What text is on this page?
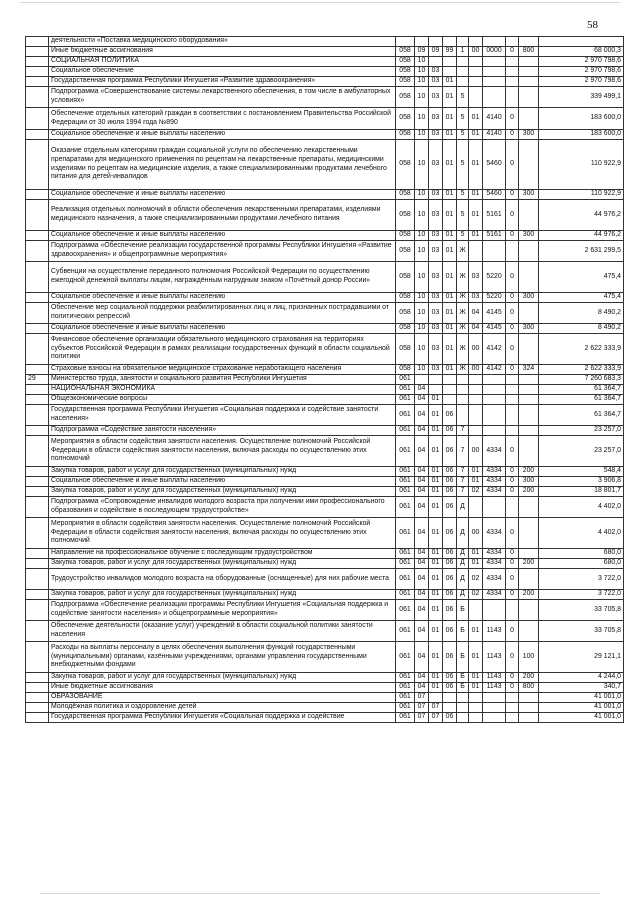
58
	деятельности «Поставка медицинского оборудования»										
	Иные бюджетные ассигнования	058	09	09	99	1	00	0000	0	800	68 000,3
	СОЦИАЛЬНАЯ ПОЛИТИКА	058	10								2 970 798,6
	Социальное обеспечение	058	10	03							2 970 798,6
	Государственная программа Республики Ингушетия «Развитие здравоохранения»	058	10	03	01						2 970 798,6
	Подпрограмма «Совершенствование системы лекарственного обеспечения, в том числе в амбулаторных условиях»	058	10	03	01	5					339 499,1
	Обеспечение отдельных категорий граждан в соответствии с постановлением Правительства Российской Федерации от 30 июля 1994 года №890	058	10	03	01	5	01	4140	0		183 600,0
	Социальное обеспечение и иные выплаты населению	058	10	03	01	5	01	4140	0	300	183 600,0
	Оказание отдельным категориям граждан социальной услуги по обеспечению лекарственными препаратами для медицинского применения по рецептам на лекарственные препараты, медицинскими изделиями по рецептам на медицинские изделия, а также специализированными продуктами лечебного питания для детей-инвалидов	058	10	03	01	5	01	5460	0		110 922,9
	Социальное обеспечение и иные выплаты населению	058	10	03	01	5	01	5460	0	300	110 922,9
	Реализация отдельных полномочий в области обеспечения лекарственными препаратами, изделиями медицинского назначения, а также специализированными продуктами лечебного питания	058	10	03	01	5	01	5161	0		44 976,2
	Социальное обеспечение и иные выплаты населению	058	10	03	01	5	01	5161	0	300	44 976,2
	Подпрограмма «Обеспечение реализации государственной программы Республики Ингушетия «Развитие здравоохранения» и общепрограммные мероприятия»	058	10	03	01	Ж					2 631 299,5
	Субвенции на осуществление переданного полномочия Российской Федерации по осуществлению ежегодной денежной выплаты лицам, награждённым нагрудным знаком «Почётный донор России»	058	10	03	01	Ж	03	5220	0		475,4
	Социальное обеспечение и иные выплаты населению	058	10	03	01	Ж	03	5220	0	300	475,4
	Обеспечение мер социальной поддержки реабилитированных лиц и лиц, признанных пострадавшими от политических репрессий	058	10	03	01	Ж	04	4145	0		8 490,2
	Социальное обеспечение и иные выплаты населению	058	10	03	01	Ж	04	4145	0	300	8 490,2
	Финансовое обеспечение организации обязательного медицинского страхования на территориях субъектов Российской Федерации в рамках реализации государственных функций в области социальной политики	058	10	03	01	Ж	00	4142	0		2 622 333,9
	Страховые взносы на обязательное медицинское страхование неработающего населения	058	10	03	01	Ж	00	4142	0	324	2 622 333,9
29	Министерство труда, занятости и социального развития Республики Ингушетия	061									7 260 683,3
	НАЦИОНАЛЬНАЯ ЭКОНОМИКА	061	04								61 364,7
	Общеэкономические вопросы	061	04	01							61 364,7
	Государственная программа Республики Ингушетия «Социальная поддержка и содействие занятости населения»	061	04	01	06						61 364,7
	Подпрограмма «Содействие занятости населения»	061	04	01	06	7					23 257,0
	Мероприятия в области содействия занятости населения. Осуществление полномочий Российской Федерации в области содействия занятости населения, включая расходы по осуществлению этих полномочий	061	04	01	06	7	00	4334	0		23 257,0
	Закупка товаров, работ и услуг для государственных (муниципальных) нужд	061	04	01	06	7	01	4334	0	200	548,4
	Социальное обеспечение и иные выплаты населению	061	04	01	06	7	01	4334	0	300	3 906,8
	Закупка товаров, работ и услуг для государственных (муниципальных) нужд	061	04	01	06	7	02	4334	0	200	18 801,7
	Подпрограмма «Сопровождение инвалидов молодого возраста при получении ими профессионального образования и содействие в последующем трудоустройстве»	061	04	01	06	Д					4 402,0
	Мероприятия в области содействия занятости населения. Осуществление полномочий Российской Федерации в области содействия занятости населения, включая расходы по осуществлению этих полномочий	061	04	01	06	Д	00	4334	0		4 402,0
	Направление на профессиональное обучение с последующим трудоустройством	061	04	01	06	Д	01	4334	0		680,0
	Закупка товаров, работ и услуг для государственных (муниципальных) нужд	061	04	01	06	Д	01	4334	0	200	680,0
	Трудоустройство инвалидов молодого возраста на оборудованные (оснащенные) для них рабочие места	061	04	01	06	Д	02	4334	0		3 722,0
	Закупка товаров, работ и услуг для государственных (муниципальных) нужд	061	04	01	06	Д	02	4334	0	200	3 722,0
	Подпрограмма «Обеспечение реализации программы Республики Ингушетия «Социальная поддержка и содействие занятости населения» и общепрограммные мероприятия»	061	04	01	06	Б					33 705,8
	Обеспечение деятельности (оказание услуг) учреждений в области социальной политики занятости населения	061	04	01	06	Б	01	1143	0		33 705,8
	Расходы на выплаты персоналу в целях обеспечения выполнения функций государственными (муниципальными) органами, казёнными учреждениями, органами управления государственными внебюджетными фондами	061	04	01	06	Б	01	1143	0	100	29 121,1
	Закупка товаров, работ и услуг для государственных (муниципальных) нужд	061	04	01	06	Б	01	1143	0	200	4 244,0
	Иные бюджетные ассигнования	061	04	01	06	Б	01	1143	0	800	340,7
	ОБРАЗОВАНИЕ	061	07								41 001,0
	Молодёжная политика и оздоровление детей	061	07	07							41 001,0
	Государственная программа Республики Ингушетия «Социальная поддержка и содействие	061	07	07	06						41 001,0
